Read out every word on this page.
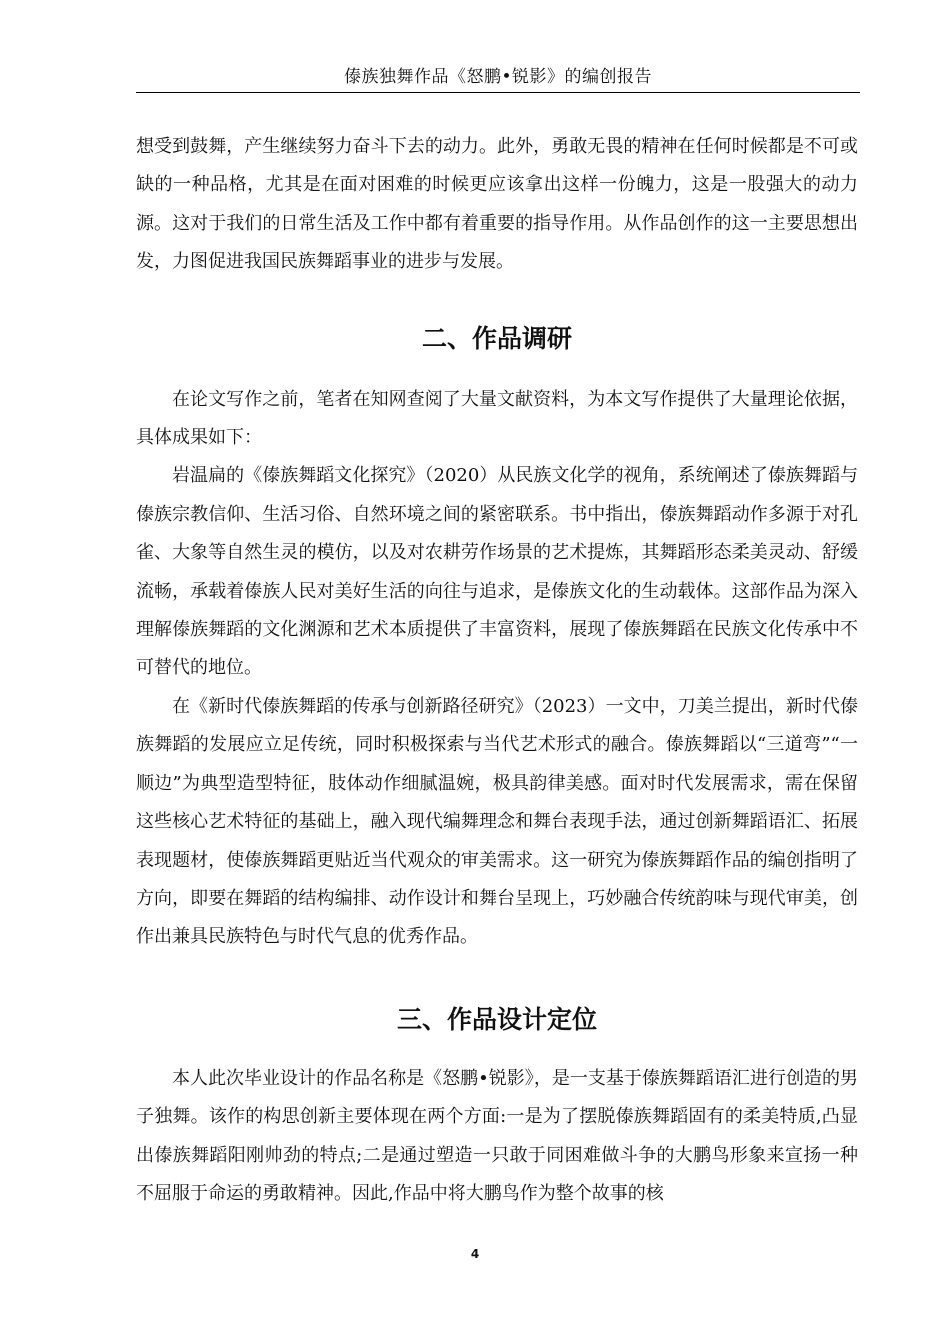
傣族独舞作品《怒鹏•锐影》的编创报告

想受到鼓舞，产生继续努力奋斗下去的动力。此外，勇敢无畏的精神在任何时候都是不可或缺的一种品格，尤其是在面对困难的时候更应该拿出这样一份魄力，这是一股强大的动力源。这对于我们的日常生活及工作中都有着重要的指导作用。从作品创作的这一主要思想出发，力图促进我国民族舞蹈事业的进步与发展。

二、作品调研

在论文写作之前，笔者在知网查阅了大量文献资料，为本文写作提供了大量理论依据，具体成果如下：

岩温扁的《傣族舞蹈文化探究》（2020）从民族文化学的视角，系统阐述了傣族舞蹈与傣族宗教信仰、生活习俗、自然环境之间的紧密联系。书中指出，傣族舞蹈动作多源于对孔雀、大象等自然生灵的模仿，以及对农耕劳作场景的艺术提炼，其舞蹈形态柔美灵动、舒缓流畅，承载着傣族人民对美好生活的向往与追求，是傣族文化的生动载体。这部作品为深入理解傣族舞蹈的文化渊源和艺术本质提供了丰富资料，展现了傣族舞蹈在民族文化传承中不可替代的地位。

在《新时代傣族舞蹈的传承与创新路径研究》（2023）一文中，刀美兰提出，新时代傣族舞蹈的发展应立足传统，同时积极探索与当代艺术形式的融合。傣族舞蹈以“三道弯”“一顺边”为典型造型特征，肢体动作细腻温婉，极具韵律美感。面对时代发展需求，需在保留这些核心艺术特征的基础上，融入现代编舞理念和舞台表现手法，通过创新舞蹈语汇、拓展表现题材，使傣族舞蹈更贴近当代观众的审美需求。这一研究为傣族舞蹈作品的编创指明了方向，即要在舞蹈的结构编排、动作设计和舞台呈现上，巧妙融合传统韵味与现代审美，创作出兼具民族特色与时代气息的优秀作品。

三、作品设计定位

本人此次毕业设计的作品名称是《怒鹏•锐影》，是一支基于傣族舞蹈语汇进行创造的男子独舞。该作的构思创新主要体现在两个方面:一是为了摆脱傣族舞蹈固有的柔美特质,凸显出傣族舞蹈阳刚帅劲的特点;二是通过塑造一只敢于同困难做斗争的大鹏鸟形象来宣扬一种不屈服于命运的勇敢精神。因此,作品中将大鹏鸟作为整个故事的核

4
